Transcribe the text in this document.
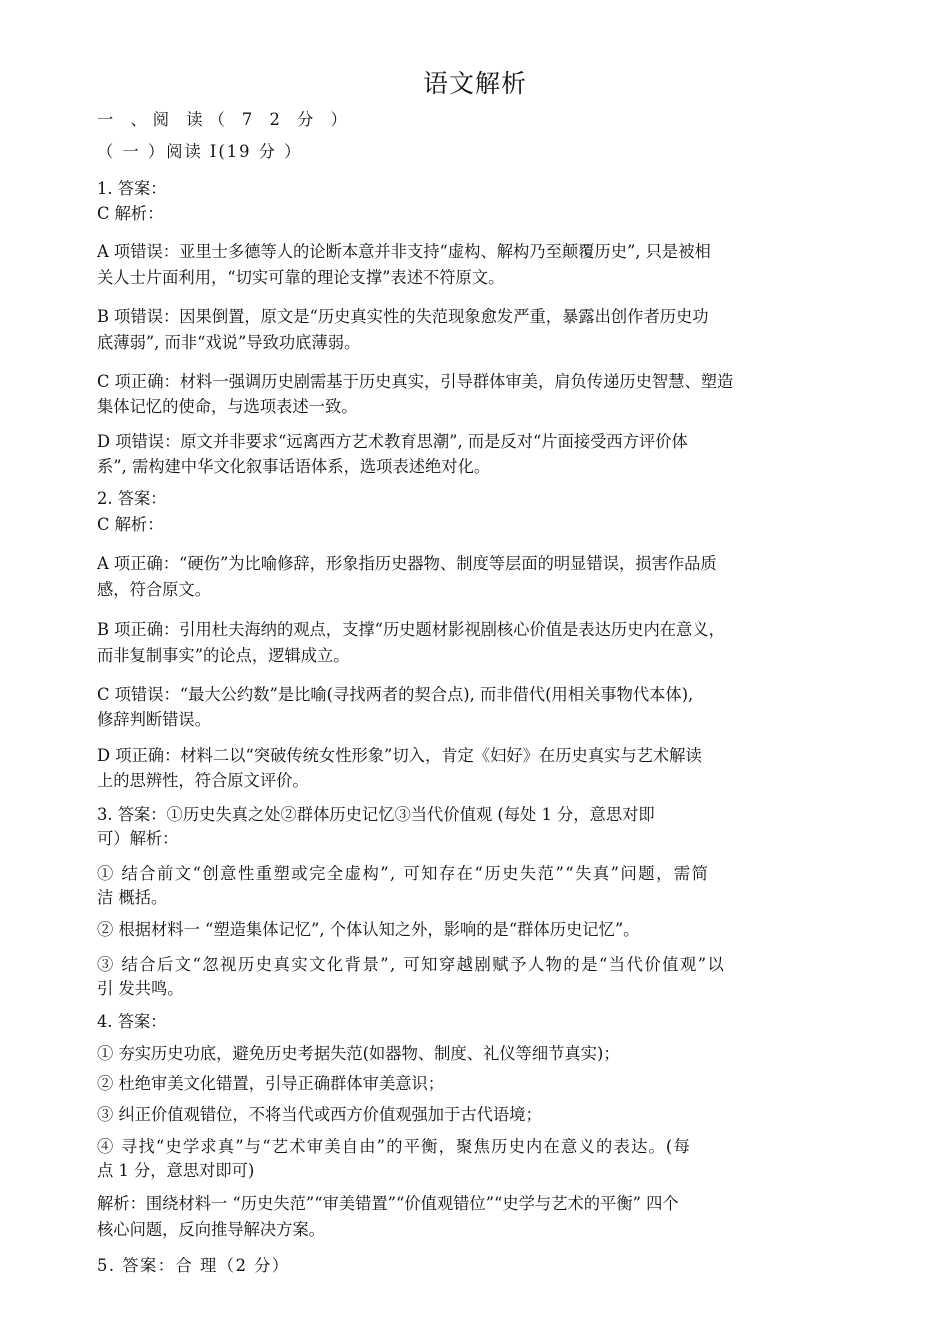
语文解析
一 、阅 读（ 7 2 分 ）
（ 一 ）阅读 I(19 分 ）
1. 答案：
C 解析：
A 项错误：亚里士多德等人的论断本意并非支持“虚构、解构乃至颠覆历史”, 只是被相
关人士片面利用，“切实可靠的理论支撑”表述不符原文。
B 项错误：因果倒置，原文是“历史真实性的失范现象愈发严重，暴露出创作者历史功
底薄弱”, 而非“戏说”导致功底薄弱。
C 项正确：材料一强调历史剧需基于历史真实，引导群体审美，肩负传递历史智慧、塑造
集体记忆的使命，与选项表述一致。
D 项错误：原文并非要求“远离西方艺术教育思潮”, 而是反对“片面接受西方评价体
系”, 需构建中华文化叙事话语体系，选项表述绝对化。
2. 答案：
C 解析：
A 项正确：“硬伤”为比喻修辞，形象指历史器物、制度等层面的明显错误，损害作品质
感，符合原文。
B 项正确：引用杜夫海纳的观点，支撑“历史题材影视剧核心价值是表达历史内在意义，
而非复制事实”的论点，逻辑成立。
C 项错误：“最大公约数”是比喻(寻找两者的契合点), 而非借代(用相关事物代本体),
修辞判断错误。
D 项正确：材料二以“突破传统女性形象”切入，肯定《妇好》在历史真实与艺术解读
上的思辨性，符合原文评价。
3. 答案：①历史失真之处②群体历史记忆③当代价值观 (每处 1 分，意思对即
可）解析：
① 结合前文“创意性重塑或完全虚构”, 可知存在“历史失范”“失真”问题，需简
洁 概括。
② 根据材料一 “塑造集体记忆”, 个体认知之外，影响的是“群体历史记忆”。
③ 结合后文“忽视历史真实文化背景”, 可知穿越剧赋予人物的是“当代价值观”以
引 发共鸣。
4. 答案：
① 夯实历史功底，避免历史考据失范(如器物、制度、礼仪等细节真实)；
② 杜绝审美文化错置，引导正确群体审美意识；
③ 纠正价值观错位，不将当代或西方价值观强加于古代语境；
④ 寻找“史学求真”与“艺术审美自由”的平衡，聚焦历史内在意义的表达。(每
点 1 分，意思对即可)
解析：围绕材料一 “历史失范”“审美错置”“价值观错位”“史学与艺术的平衡” 四个
核心问题，反向推导解决方案。
5. 答案：合 理（2 分）
